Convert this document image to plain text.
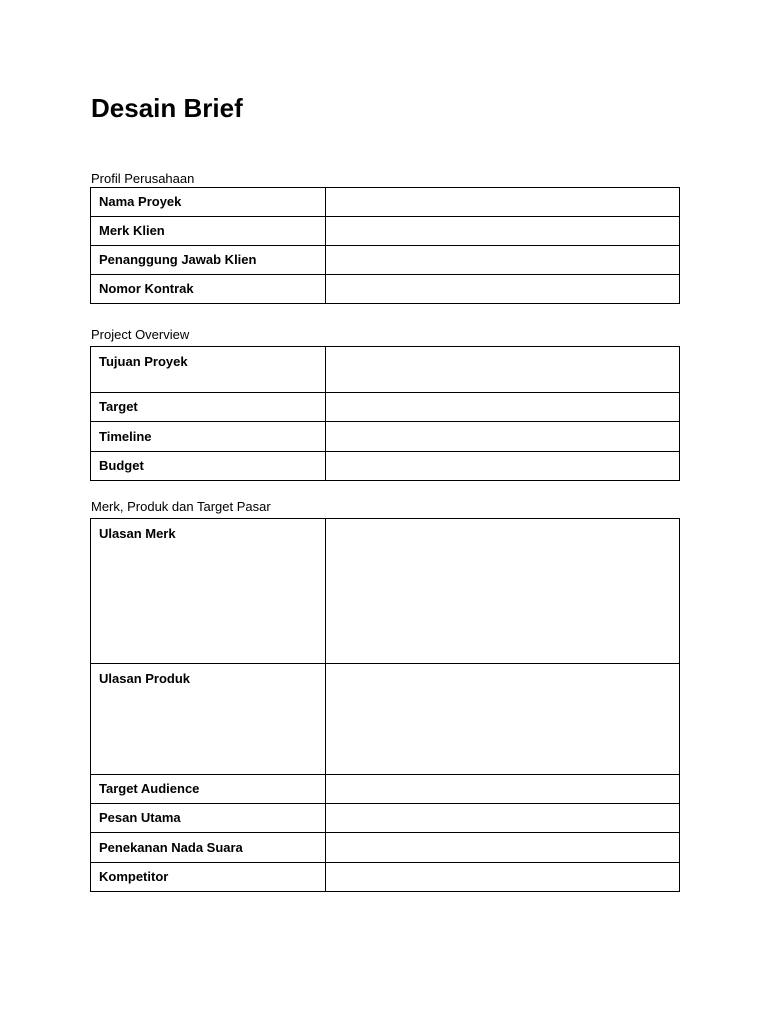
Desain Brief
Profil Perusahaan
Nama Proyek	
Merk Klien	
Penanggung Jawab Klien	
Nomor Kontrak	
Project Overview
Tujuan Proyek	
Target	
Timeline	
Budget	
Merk, Produk dan Target Pasar
Ulasan Merk	
Ulasan Produk	
Target Audience	
Pesan Utama	
Penekanan Nada Suara	
Kompetitor	
